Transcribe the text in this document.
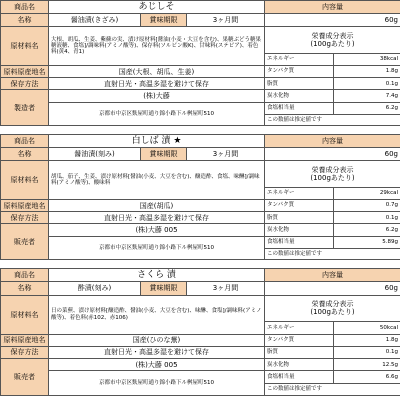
商品名	あじしそ			内容量	
名称	醤油漬(きざみ)	賞味期限	3ヶ月間	60g	
原材料名	大根、胡瓜、生姜、紫蘇の実、漬け原材料[醤油(小麦・大豆を含む)、果糖ぶどう糖果糖液糖、食塩]/調味料(アミノ酸等)、保存料(ソルビン酸K)、甘味料(ステビア)、着色料(黄4、青1)			栄養成分表示
(100gあたり)	
				エネルギー	38kcal
原料原産地名	国産(大根、胡瓜、生姜)			タンパク質	1.8g
保存方法	直射日光・高温多湿を避けて保存			脂質	0.1g
製造者	(株)大藤			炭水化物	7.4g
	京都市中京区麩屋町通り錦小路下ル桝屋町510			食塩相当量	6.2g
				この数値は推定値です	
商品名	白しば 漬 ★			内容量	
名称	醤油漬(刻み)	賞味期限	3ヶ月間	60g	
原材料名	胡瓜、茄子、生姜、漬け原材料[醤油(小麦、大豆を含む)、醸造酢、食塩、味醂]/調味料(アミノ酸等)、酸味料			栄養成分表示
(100gあたり)	
				エネルギー	29kcal
原料原産地名	国産(胡瓜)			タンパク質	0.7g
保存方法	直射日光・高温多湿を避けて保存			脂質	0.1g
販売者	(株)大藤 005			炭水化物	6.2g
	京都市中京区麩屋町通り錦小路下ル桝屋町510			食塩相当量	5.89g
				この数値は推定値です	
商品名	さくら 漬			内容量	
名称	酢漬(刻み)	賞味期限	3ヶ月間	60g	
原材料名	日の菜蕪、漬け原材料[醸造酢、醤油(小麦、大豆を含む)、味醂、食塩]/調味料(アミノ酸等)、着色料(赤102、赤106)			栄養成分表示
(100gあたり)	
				エネルギー	50kcal
原料原産地名	国産(ひのな蕪)			タンパク質	1.8g
保存方法	直射日光・高温多湿を避けて保存			脂質	0.1g
販売者	(株)大藤 005			炭水化物	12.5g
	京都市中京区麩屋町通り錦小路下ル桝屋町510			食塩相当量	6.6g
				この数値は推定値です	
